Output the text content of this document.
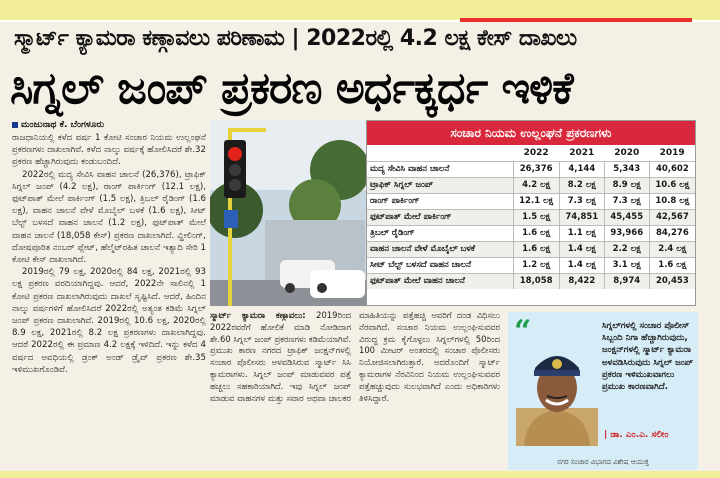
ಸ್ಮಾರ್ಟ್ ಕ್ಯಾಮರಾ ಕಣ್ಗಾವಲು ಪರಿಣಾಮ | 2022ರಲ್ಲಿ 4.2 ಲಕ್ಷ ಕೇಸ್ ದಾಖಲು
ಸಿಗ್ನಲ್ ಜಂಪ್ ಪ್ರಕರಣ ಅರ್ಧಕ್ಕರ್ಧ ಇಳಿಕೆ
ಮಂಜುನಾಥ ಕೆ. ಬೆಂಗಳೂರು

ರಾಜಧಾನಿಯಲ್ಲಿ ಕಳೆದ ವರ್ಷ 1 ಕೋಟಿ ಸಂಚಾರ ನಿಯಮ ಉಲ್ಲಂಘನೆ ಪ್ರಕರಣಗಳು ದಾಖಲಾಗಿವೆ. ಕಳೆದ ನಾಲ್ಕು ವರ್ಷಕ್ಕೆ ಹೋಲಿಸಿದರೆ ಶೇ.32 ಪ್ರಕರಣ ಹೆಚ್ಚಾಗಿರುವುದು ಕಂಡುಬಂದಿದೆ.

2022ರಲ್ಲಿ ಮದ್ಯ ಸೇವಿಸಿ ವಾಹನ ಚಾಲನೆ (26,376), ಟ್ರಾಫಿಕ್ ಸಿಗ್ನಲ್ ಜಂಪ್ (4.2 ಲಕ್ಷ), ರಾಂಗ್ ಪಾರ್ಕಿಂಗ್ (12.1 ಲಕ್ಷ), ಫುಟ್‌ಪಾತ್ ಮೇಲೆ ಪಾರ್ಕಿಂಗ್ (1.5 ಲಕ್ಷ), ತ್ರಿಬಲ್ ರೈಡಿಂಗ್ (1.6 ಲಕ್ಷ), ವಾಹನ ಚಾಲನೆ ವೇಳೆ ಮೊಬೈಲ್ ಬಳಕೆ (1.6 ಲಕ್ಷ), ಸೀಟ್ ಬೆಲ್ಟ್ ಬಳಸದೆ ವಾಹನ ಚಾಲನೆ (1.2 ಲಕ್ಷ), ಫುಟ್‌ಪಾತ್ ಮೇಲೆ ವಾಹನ ಚಾಲನೆ (18,058 ಕೇಸ್) ಪ್ರಕರಣ ದಾಖಲಾಗಿದೆ. ವ್ಹೀಲಿಂಗ್, ದೋಷಪೂರಿತ ನಂಬರ್ ಪ್ಲೇಟ್, ಹೆಲ್ಮೆಟ್‌ರಹಿತ ಚಾಲನೆ ಇತ್ಯಾದಿ ಸೇರಿ 1 ಕೋಟಿ ಕೇಸ್ ದಾಖಲಾಗಿದೆ.

2019ರಲ್ಲಿ 79 ಲಕ್ಷ, 2020ರಲ್ಲಿ 84 ಲಕ್ಷ, 2021ರಲ್ಲಿ 93 ಲಕ್ಷ ಪ್ರಕರಣ ವರದಿಯಾಗಿದ್ದವು. ಆದರೆ, 2022ನೇ ಸಾಲಿನಲ್ಲಿ 1 ಕೋಟಿ ಪ್ರಕರಣ ದಾಖಲಾಗಿರುವುದು ದಾಖಲೆ ಸೃಷ್ಟಿಸಿದೆ. ಆದರೆ, ಹಿಂದಿನ ನಾಲ್ಕು ವರ್ಷಗಳಿಗೆ ಹೋಲಿಸಿದರೆ 2022ರಲ್ಲಿ ಅತ್ಯಂತ ಕಡಿಮೆ ಸಿಗ್ನಲ್ ಜಂಪ್ ಪ್ರಕರಣ ದಾಖಲಾಗಿವೆ. 2019ರಲ್ಲಿ 10.6 ಲಕ್ಷ, 2020ರಲ್ಲಿ 8.9 ಲಕ್ಷ, 2021ರಲ್ಲಿ 8.2 ಲಕ್ಷ ಪ್ರಕರಣಗಳು ದಾಖಲಾಗಿದ್ದವು. ಆದರೆ 2022ರಲ್ಲಿ ಈ ಪ್ರಮಾಣ 4.2 ಲಕ್ಷಕ್ಕೆ ಇಳಿದಿದೆ. ಇನ್ನು ಕಳೆದ 4 ವರ್ಷದ ಅವಧಿಯಲ್ಲಿ ಡ್ರಂಕ್ ಅಂಡ್ ಡ್ರೈವ್ ಪ್ರಕರಣ ಶೇ.35 ಇಳಿಮುಖಗೊಂಡಿವೆ.

ಸಂಚಾರ ನಿಯಮ ಉಲ್ಲಂಘನೆ ಪ್ರಕರಣಗಳು
	2022	2021	2020	2019
ಮದ್ಯ ಸೇವಿಸಿ ವಾಹನ ಚಾಲನೆ	26,376	4,144	5,343	40,602
ಟ್ರಾಫಿಕ್ ಸಿಗ್ನಲ್ ಜಂಪ್	4.2 ಲಕ್ಷ	8.2 ಲಕ್ಷ	8.9 ಲಕ್ಷ	10.6 ಲಕ್ಷ
ರಾಂಗ್ ಪಾರ್ಕಿಂಗ್	12.1 ಲಕ್ಷ	7.3 ಲಕ್ಷ	7.3 ಲಕ್ಷ	10.8 ಲಕ್ಷ
ಫುಟ್‌ಪಾತ್ ಮೇಲೆ ಪಾರ್ಕಿಂಗ್	1.5 ಲಕ್ಷ	74,851	45,455	42,567
ತ್ರಿಬಲ್ ರೈಡಿಂಗ್	1.6 ಲಕ್ಷ	1.1 ಲಕ್ಷ	93,966	84,276
ವಾಹನ ಚಾಲನೆ ವೇಳೆ ಮೊಬೈಲ್ ಬಳಕೆ	1.6 ಲಕ್ಷ	1.4 ಲಕ್ಷ	2.2 ಲಕ್ಷ	2.4 ಲಕ್ಷ
ಸೀಟ್ ಬೆಲ್ಟ್ ಬಳಸದೆ ವಾಹನ ಚಾಲನೆ	1.2 ಲಕ್ಷ	1.4 ಲಕ್ಷ	3.1 ಲಕ್ಷ	1.6 ಲಕ್ಷ
ಫುಟ್‌ಪಾತ್ ಮೇಲೆ ವಾಹನ ಚಾಲನೆ	18,058	8,422	8,974	20,453

ಸ್ಮಾರ್ಟ್ ಕ್ಯಾಮರಾ ಕಣ್ಗಾವಲು: 2019ರಿಂದ 2022ರವರೆಗೆ ಹೋಲಿಕೆ ಮಾಡಿ ನೋಡಿದಾಗ ಶೇ.60 ಸಿಗ್ನಲ್ ಜಂಪ್ ಪ್ರಕರಣಗಳು ಕಡಿಮೆಯಾಗಿವೆ. ಪ್ರಮುಖ ಕಾರಣ ನಗರದ ಟ್ರಾಫಿಕ್ ಜಂಕ್ಷನ್‌ಗಳಲ್ಲಿ ಸಂಚಾರ ಪೊಲೀಸರು ಅಳವಡಿಸಿರುವ ಸ್ಮಾರ್ಟ್ ಸಿಸಿ ಕ್ಯಾಮರಾಗಳು. ಸಿಗ್ನಲ್ ಜಂಪ್ ಮಾಡುವವರ ಪತ್ತೆ ಹಚ್ಚಲು ಸಹಕಾರಿಯಾಗಿದೆ. ಇವು ಸಿಗ್ನಲ್ ಜಂಪ್ ಮಾಡುವ ವಾಹನಗಳ ಮತ್ತು ಸವಾರ ಅಥವಾ ಚಾಲಕರ ಮಾಹಿತಿಯನ್ನು ಪತ್ತೆಹಚ್ಚಿ ಅವರಿಗೆ ದಂಡ ವಿಧಿಸಲು ನೆರವಾಗಿದೆ. ಸಂಚಾರ ನಿಯಮ ಉಲ್ಲಂಘಿಸುವವರ ವಿರುದ್ಧ ಕ್ರಮ ಕೈಗೊಳ್ಳಲು ಸಿಗ್ನಲ್‌ಗಳಲ್ಲಿ 50ರಿಂದ 100 ಮೀಟರ್ ಅಂತರದಲ್ಲಿ ಸಂಚಾರ ಪೊಲೀಸರು ನಿಯೋಜಿಸಲಾಗಿರುತ್ತಾರೆ. ಅದರೊಂದಿಗೆ ಸ್ಮಾರ್ಟ್ ಕ್ಯಾಮರಾಗಳ ನೆರವಿನಿಂದ ನಿಯಮ ಉಲ್ಲಂಘಿಸುವವರ ಪತ್ತೆಹಚ್ಚುವುದು ಸುಲಭವಾಗಿದೆ ಎಂದು ಅಧಿಕಾರಿಗಳು ತಿಳಿಸಿದ್ದಾರೆ.

“	ಸಿಗ್ನಲ್‌ಗಳಲ್ಲಿ ಸಂಚಾರ ಪೊಲೀಸ್ ಸಿಬ್ಬಂದಿ ನಿಗಾ ಹೆಚ್ಚಾಗಿರುವುದು, ಜಂಕ್ಷನ್‌ಗಳಲ್ಲಿ ಸ್ಮಾರ್ಟ್ ಕ್ಯಾಮರಾ ಅಳವಡಿಸಿರುವುದು ಸಿಗ್ನಲ್ ಜಂಪ್ ಪ್ರಕರಣ ಇಳಿಮುಖವಾಗಲು ಪ್ರಮುಖ ಕಾರಣವಾಗಿದೆ.
| ಡಾ. ಎಂ.ಎ. ಸಲೀಂ
ನಗರ ಸಂಚಾರ ವಿಭಾಗದ ವಿಶೇಷ ಆಯುಕ್ತ
